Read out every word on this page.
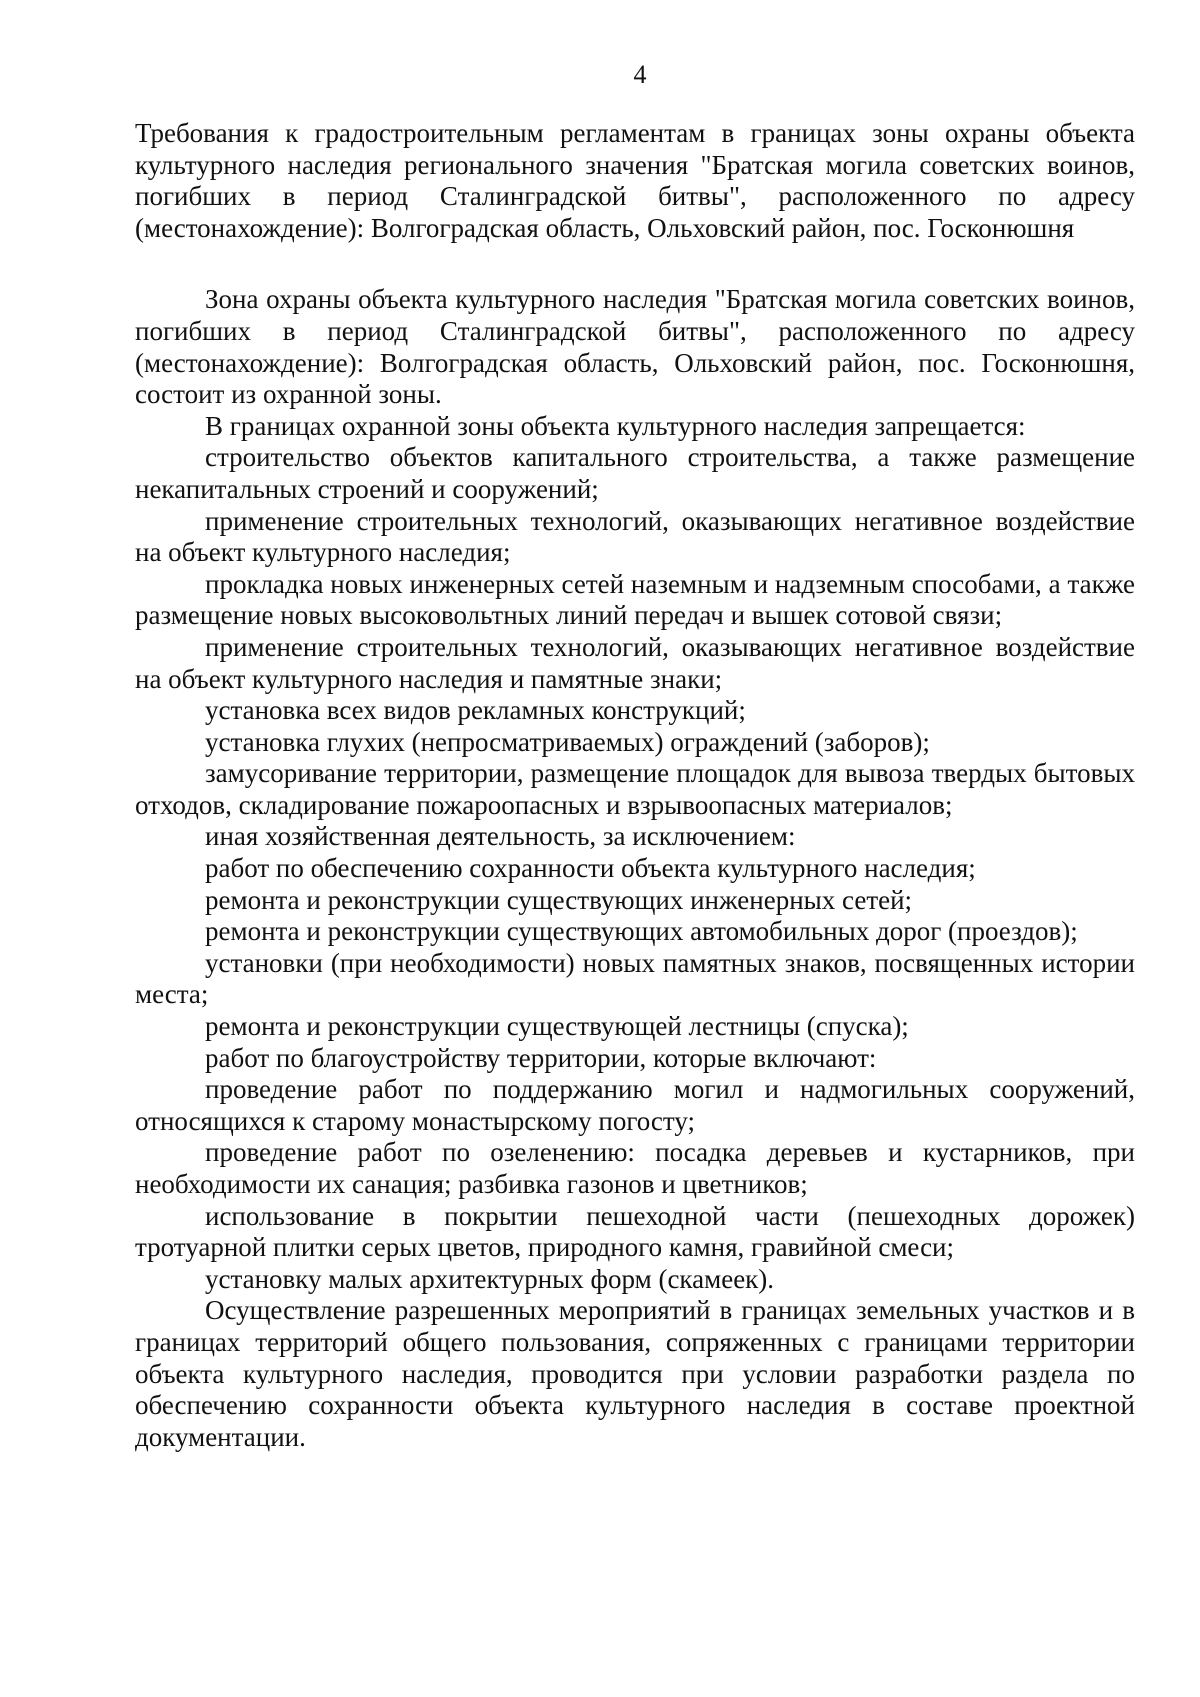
4

Требования к градостроительным регламентам в границах зоны охраны объекта культурного наследия регионального значения "Братская могила советских воинов, погибших в период Сталинградской битвы", расположенного по адресу (местонахождение): Волгоградская область, Ольховский район, пос. Госконюшня

Зона охраны объекта культурного наследия "Братская могила советских воинов, погибших в период Сталинградской битвы", расположенного по адресу (местонахождение): Волгоградская область, Ольховский район, пос. Госконюшня, состоит из охранной зоны.

В границах охранной зоны объекта культурного наследия запрещается:

строительство объектов капитального строительства, а также размещение некапитальных строений и сооружений;

применение строительных технологий, оказывающих негативное воздействие на объект культурного наследия;

прокладка новых инженерных сетей наземным и надземным способами, а также размещение новых высоковольтных линий передач и вышек сотовой связи;

применение строительных технологий, оказывающих негативное воздействие на объект культурного наследия и памятные знаки;

установка всех видов рекламных конструкций;

установка глухих (непросматриваемых) ограждений (заборов);

замусоривание территории, размещение площадок для вывоза твердых бытовых отходов, складирование пожароопасных и взрывоопасных материалов;

иная хозяйственная деятельность, за исключением:

работ по обеспечению сохранности объекта культурного наследия;

ремонта и реконструкции существующих инженерных сетей;

ремонта и реконструкции существующих автомобильных дорог (проездов);

установки (при необходимости) новых памятных знаков, посвященных истории места;

ремонта и реконструкции существующей лестницы (спуска);

работ по благоустройству территории, которые включают:

проведение работ по поддержанию могил и надмогильных сооружений, относящихся к старому монастырскому погосту;

проведение работ по озеленению: посадка деревьев и кустарников, при необходимости их санация; разбивка газонов и цветников;

использование в покрытии пешеходной части (пешеходных дорожек) тротуарной плитки серых цветов, природного камня, гравийной смеси;

установку малых архитектурных форм (скамеек).

Осуществление разрешенных мероприятий в границах земельных участков и в границах территорий общего пользования, сопряженных с границами территории объекта культурного наследия, проводится при условии разработки раздела по обеспечению сохранности объекта культурного наследия в составе проектной документации.
